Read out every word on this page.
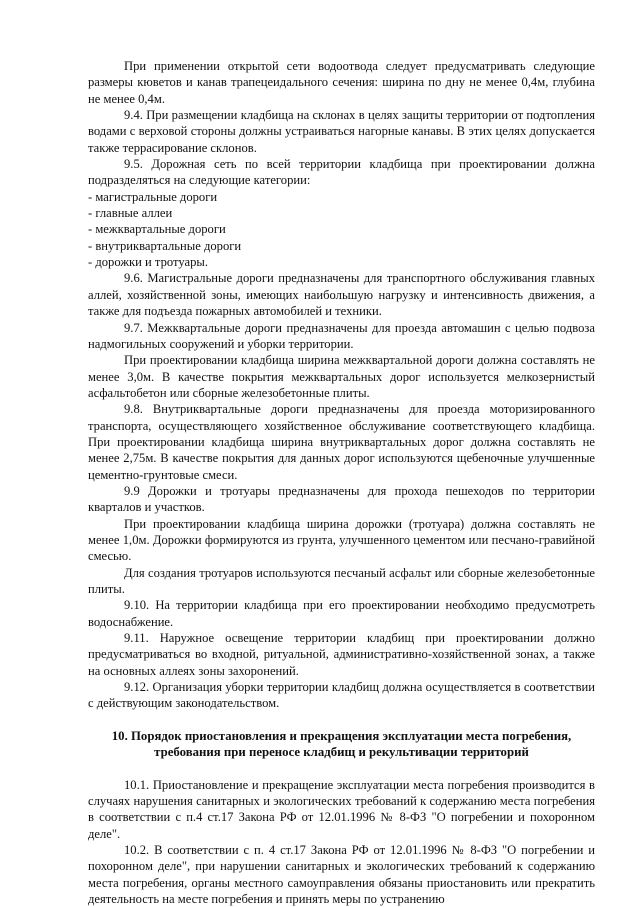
При применении открытой сети водоотвода следует предусматривать следующие размеры кюветов и канав трапецеидального сечения: ширина по дну не менее 0,4м, глубина не менее 0,4м.

9.4. При размещении кладбища на склонах в целях защиты территории от подтопления водами с верховой стороны должны устраиваться нагорные канавы. В этих целях допускается также террасирование склонов.

9.5. Дорожная сеть по всей территории кладбища при проектировании должна подразделяться на следующие категории:

- магистральные дороги

- главные аллеи

- межквартальные дороги

- внутриквартальные дороги

- дорожки и тротуары.

9.6. Магистральные дороги предназначены для транспортного обслуживания главных аллей, хозяйственной зоны, имеющих наибольшую нагрузку и интенсивность движения, а также для подъезда пожарных автомобилей и техники.

9.7. Межквартальные дороги предназначены для проезда автомашин с целью подвоза надмогильных сооружений и уборки территории.

При проектировании кладбища ширина межквартальной дороги должна составлять не менее 3,0м. В качестве покрытия межквартальных дорог используется мелкозернистый асфальтобетон или сборные железобетонные плиты.

9.8. Внутриквартальные дороги предназначены для проезда моторизированного транспорта, осуществляющего хозяйственное обслуживание соответствующего кладбища. При проектировании кладбища ширина внутриквартальных дорог должна составлять не менее 2,75м. В качестве покрытия для данных дорог используются щебеночные улучшенные цементно-грунтовые смеси.

9.9 Дорожки и тротуары предназначены для прохода пешеходов по территории кварталов и участков.

При проектировании кладбища ширина дорожки (тротуара) должна составлять не менее 1,0м. Дорожки формируются из грунта, улучшенного цементом или песчано-гравийной смесью.

Для создания тротуаров используются песчаный асфальт или сборные железобетонные плиты.

9.10. На территории кладбища при его проектировании необходимо предусмотреть водоснабжение.

9.11. Наружное освещение территории кладбищ при проектировании должно предусматриваться во входной, ритуальной, административно-хозяйственной зонах, а также на основных аллеях зоны захоронений.

9.12. Организация уборки территории кладбищ должна осуществляется в соответствии с действующим законодательством.

10. Порядок приостановления и прекращения эксплуатации места погребения,

требования при переносе кладбищ и рекультивации территорий

10.1. Приостановление и прекращение эксплуатации места погребения производится в случаях нарушения санитарных и экологических требований к содержанию места погребения в соответствии с п.4 ст.17 Закона РФ от 12.01.1996 № 8-ФЗ "О погребении и похоронном деле".

10.2. В соответствии с п. 4 ст.17 Закона РФ от 12.01.1996 № 8-ФЗ "О погребении и похоронном деле", при нарушении санитарных и экологических требований к содержанию места погребения, органы местного самоуправления обязаны приостановить или прекратить деятельность на месте погребения и принять меры по устранению
